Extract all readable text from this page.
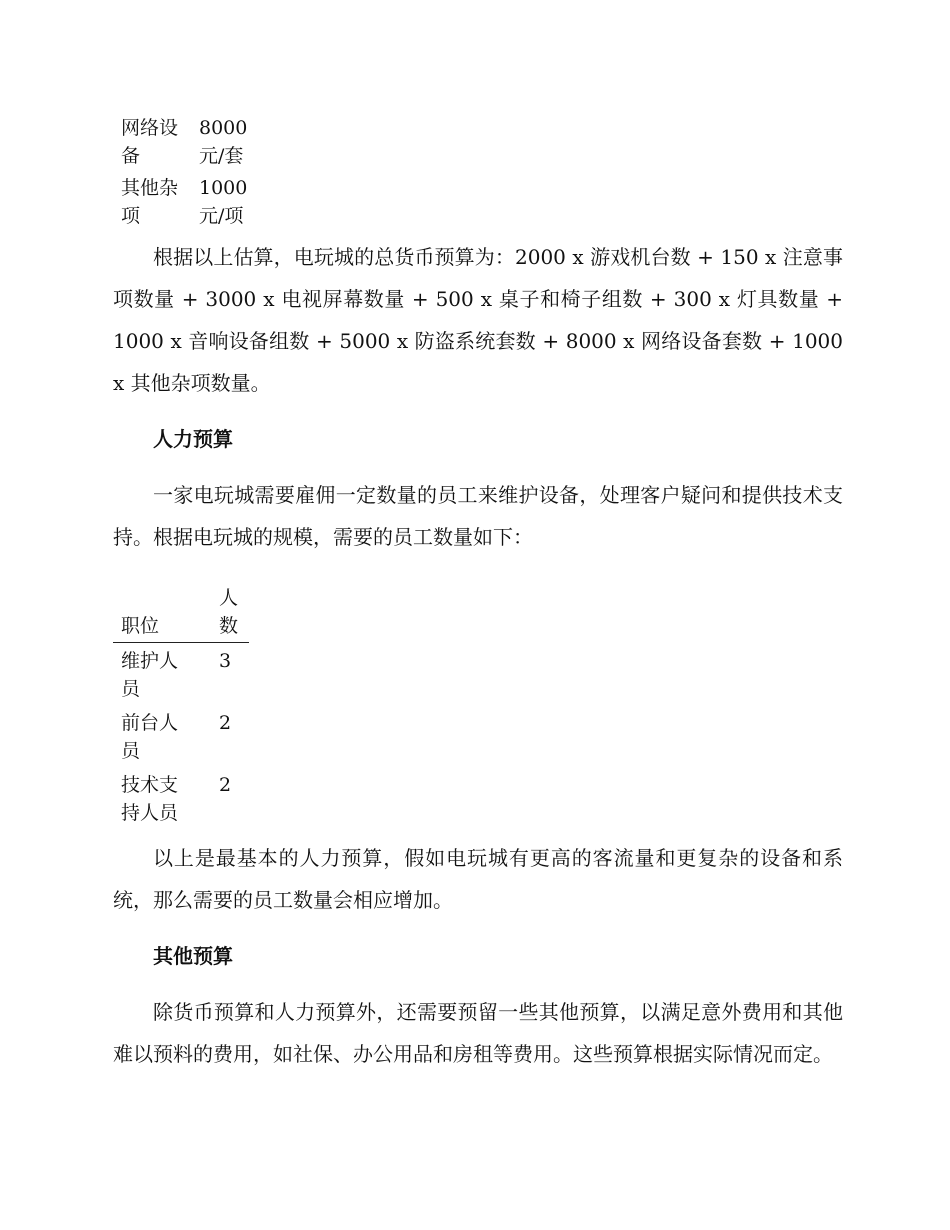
网络设备	8000元/套

其他杂项	1000元/项

根据以上估算，电玩城的总货币预算为：2000 x 游戏机台数 + 150 x 注意事项数量 + 3000 x 电视屏幕数量 + 500 x 桌子和椅子组数 + 300 x 灯具数量 + 1000 x 音响设备组数 + 5000 x 防盗系统套数 + 8000 x 网络设备套数 + 1000 x 其他杂项数量。

人力预算

一家电玩城需要雇佣一定数量的员工来维护设备，处理客户疑问和提供技术支持。根据电玩城的规模，需要的员工数量如下：

职位	人数

维护人员	3

前台人员	2

技术支持人员	2

以上是最基本的人力预算，假如电玩城有更高的客流量和更复杂的设备和系统，那么需要的员工数量会相应增加。

其他预算

除货币预算和人力预算外，还需要预留一些其他预算，以满足意外费用和其他难以预料的费用，如社保、办公用品和房租等费用。这些预算根据实际情况而定。
